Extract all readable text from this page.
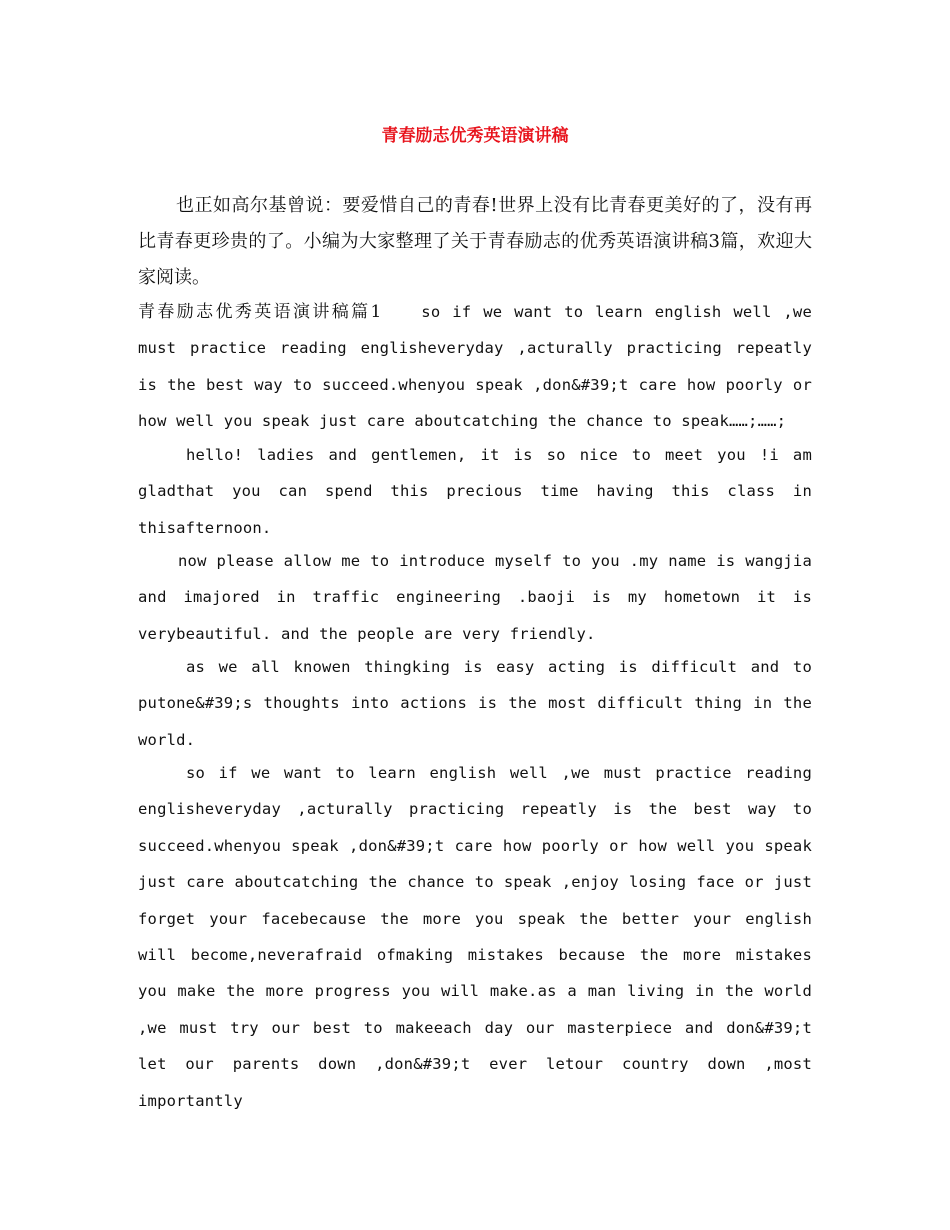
青春励志优秀英语演讲稿

也正如高尔基曾说：要爱惜自己的青春!世界上没有比青春更美好的了，没有再比青春更珍贵的了。小编为大家整理了关于青春励志的优秀英语演讲稿3篇，欢迎大家阅读。

青春励志优秀英语演讲稿篇1	so if we want to learn english well ,we must practice reading englisheveryday ,acturally practicing repeatly is the best way to succeed.whenyou speak ,don&#39;t care how poorly or how well you speak just care aboutcatching the chance to speak……;……;

hello! ladies and gentlemen, it is so nice to meet you !i am gladthat you can spend this precious time having this class in thisafternoon.

now please allow me to introduce myself to you .my name is wangjia and imajored in traffic engineering .baoji is my hometown it is verybeautiful. and the people are very friendly.

as we all knowen thingking is easy acting is difficult and to putone&#39;s thoughts into actions is the most difficult thing in the world.

so if we want to learn english well ,we must practice reading englisheveryday ,acturally practicing repeatly is the best way to succeed.whenyou speak ,don&#39;t care how poorly or how well you speak just care aboutcatching the chance to speak ,enjoy losing face or just forget your facebecause the more you speak the better your english will become,neverafraid ofmaking mistakes because the more mistakes you make the more progress you will make.as a man living in the world ,we must try our best to makeeach day our masterpiece and don&#39;t let our parents down ,don&#39;t ever letour country down ,most importantly
